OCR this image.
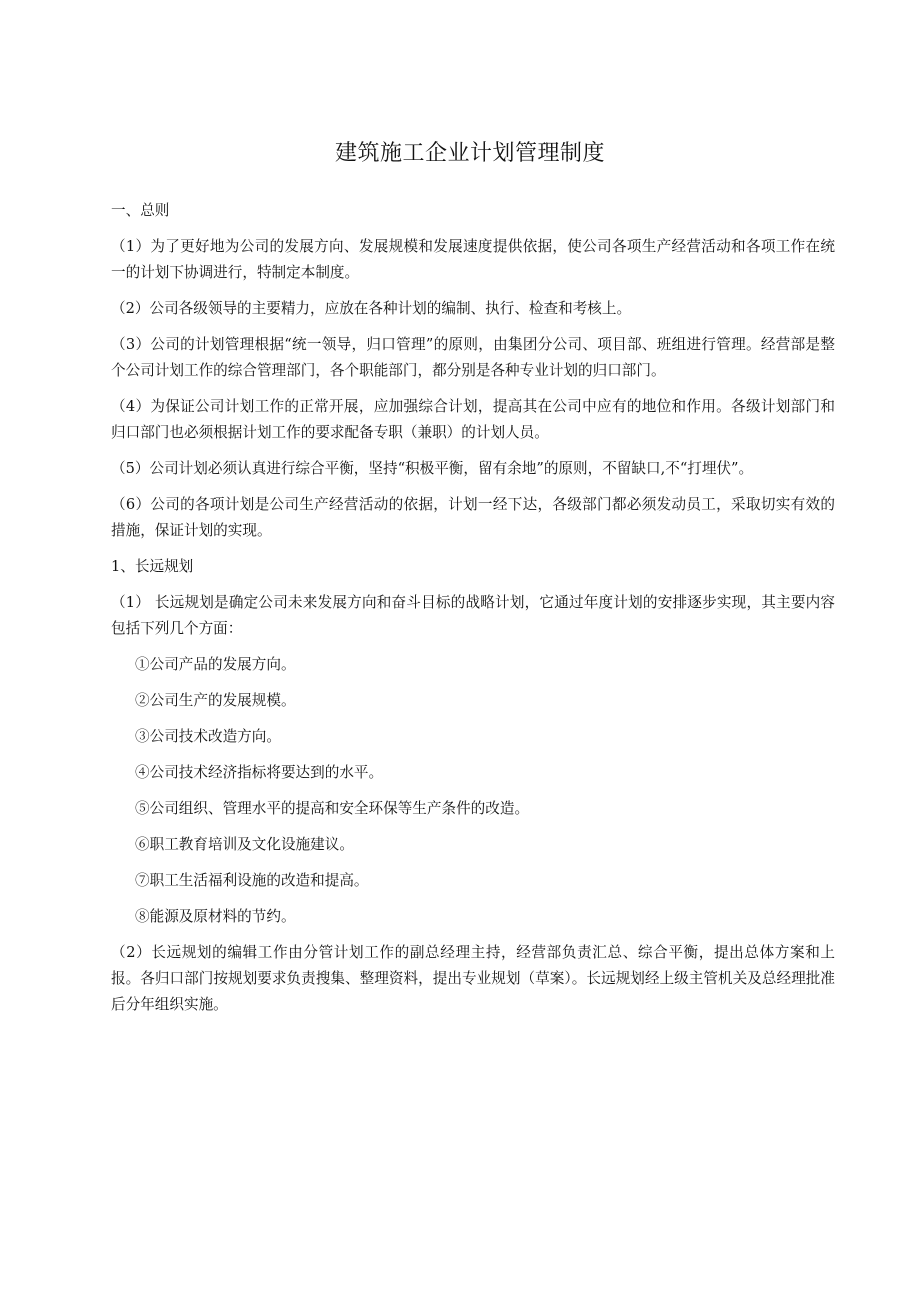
建筑施工企业计划管理制度

一、总则

（1）为了更好地为公司的发展方向、发展规模和发展速度提供依据，使公司各项生产经营活动和各项工作在统一的计划下协调进行，特制定本制度。

（2）公司各级领导的主要精力，应放在各种计划的编制、执行、检查和考核上。

（3）公司的计划管理根据“统一领导，归口管理”的原则，由集团分公司、项目部、班组进行管理。经营部是整个公司计划工作的综合管理部门，各个职能部门，都分别是各种专业计划的归口部门。

（4）为保证公司计划工作的正常开展，应加强综合计划，提高其在公司中应有的地位和作用。各级计划部门和归口部门也必须根据计划工作的要求配备专职（兼职）的计划人员。

（5）公司计划必须认真进行综合平衡，坚持“积极平衡，留有余地”的原则，不留缺口,不“打埋伏”。

（6）公司的各项计划是公司生产经营活动的依据，计划一经下达，各级部门都必须发动员工，采取切实有效的措施，保证计划的实现。

1、长远规划

（1） 长远规划是确定公司未来发展方向和奋斗目标的战略计划，它通过年度计划的安排逐步实现，其主要内容包括下列几个方面：

①公司产品的发展方向。

②公司生产的发展规模。

③公司技术改造方向。

④公司技术经济指标将要达到的水平。

⑤公司组织、管理水平的提高和安全环保等生产条件的改造。

⑥职工教育培训及文化设施建议。

⑦职工生活福利设施的改造和提高。

⑧能源及原材料的节约。

（2）长远规划的编辑工作由分管计划工作的副总经理主持，经营部负责汇总、综合平衡，提出总体方案和上报。各归口部门按规划要求负责搜集、整理资料，提出专业规划（草案）。长远规划经上级主管机关及总经理批准后分年组织实施。
